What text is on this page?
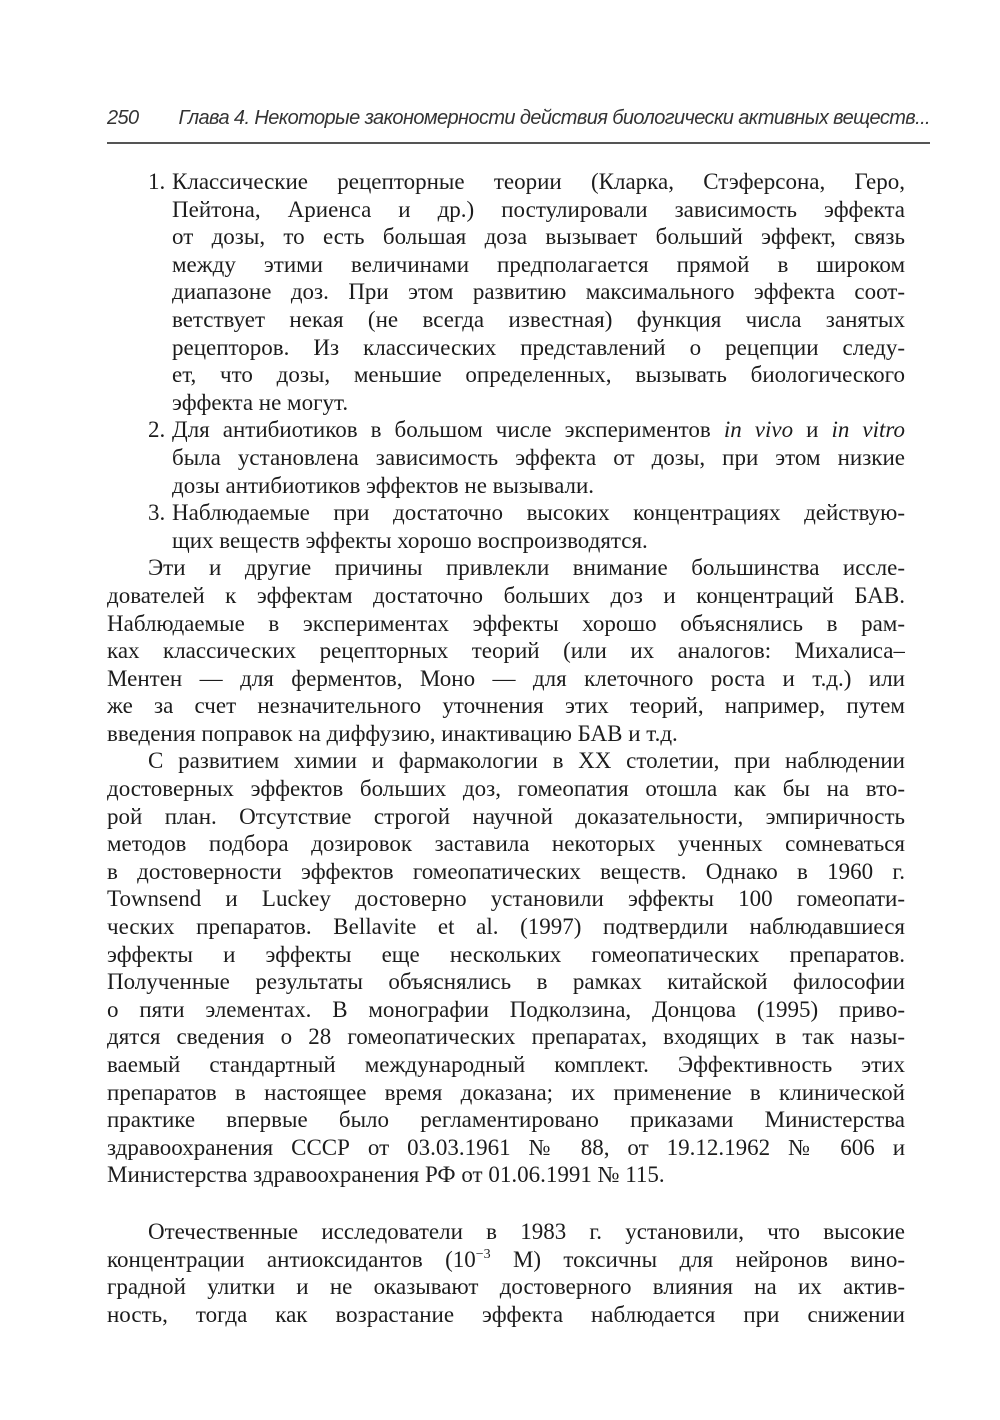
250 Глава 4. Некоторые закономерности действия биологически активных веществ...
1. Классические рецепторные теории (Кларка, Стэферсона, Геро,
Пейтона, Ариенса и др.) постулировали зависимость эффекта
от дозы, то есть большая доза вызывает больший эффект, связь
между этими величинами предполагается прямой в широком
диапазоне доз. При этом развитию максимального эффекта соот-
ветствует некая (не всегда известная) функция числа занятых
рецепторов. Из классических представлений о рецепции следу-
ет, что дозы, меньшие определенных, вызывать биологического
эффекта не могут.
2. Для антибиотиков в большом числе экспериментов in vivo и in vitro
была установлена зависимость эффекта от дозы, при этом низкие
дозы антибиотиков эффектов не вызывали.
3. Наблюдаемые при достаточно высоких концентрациях действую-
щих веществ эффекты хорошо воспроизводятся.
Эти и другие причины привлекли внимание большинства иссле-
дователей к эффектам достаточно больших доз и концентраций БАВ.
Наблюдаемые в экспериментах эффекты хорошо объяснялись в рам-
ках классических рецепторных теорий (или их аналогов: Михалиса–
Ментен — для ферментов, Моно — для клеточного роста и т.д.) или
же за счет незначительного уточнения этих теорий, например, путем
введения поправок на диффузию, инактивацию БАВ и т.д.
С развитием химии и фармакологии в XX столетии, при наблюдении
достоверных эффектов больших доз, гомеопатия отошла как бы на вто-
рой план. Отсутствие строгой научной доказательности, эмпиричность
методов подбора дозировок заставила некоторых ученных сомневаться
в достоверности эффектов гомеопатических веществ. Однако в 1960 г.
Townsend и Luckey достоверно установили эффекты 100 гомеопати-
ческих препаратов. Bellavite et al. (1997) подтвердили наблюдавшиеся
эффекты и эффекты еще нескольких гомеопатических препаратов.
Полученные результаты объяснялись в рамках китайской философии
о пяти элементах. В монографии Подколзина, Донцова (1995) приво-
дятся сведения о 28 гомеопатических препаратах, входящих в так назы-
ваемый стандартный международный комплект. Эффективность этих
препаратов в настоящее время доказана; их применение в клинической
практике впервые было регламентировано приказами Министерства
здравоохранения СССР от 03.03.1961 № 88, от 19.12.1962 № 606 и
Министерства здравоохранения РФ от 01.06.1991 № 115.
Отечественные исследователи в 1983 г. установили, что высокие
концентрации антиоксидантов ($10^{-3}$ М) токсичны для нейронов вино-
градной улитки и не оказывают достоверного влияния на их актив-
ность, тогда как возрастание эффекта наблюдается при снижении
